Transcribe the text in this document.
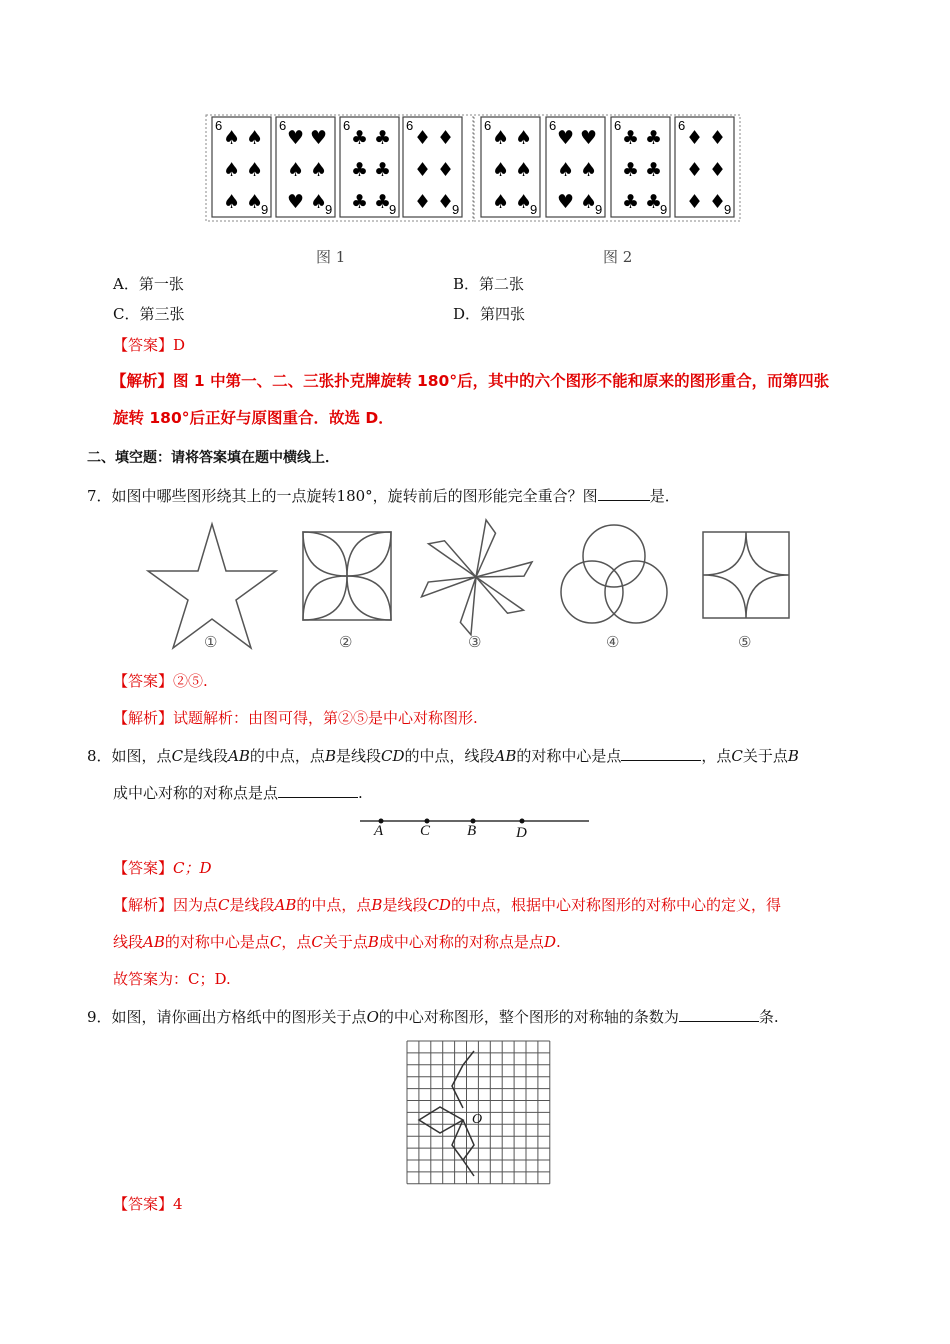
6
9
♠ ♠
♠ ♠
♠ ♠
6
9
♥ ♥
♠ ♠
♥ ♠
6
9
♣ ♣
♣ ♣
♣ ♣
6
9
♦ ♦
♦ ♦
♦ ♦
6
9
♠ ♠
♠ ♠
♠ ♠
6
9
♥ ♥
♠ ♠
♥ ♠
6
9
♣ ♣
♣ ♣
♣ ♣
6
9
♦ ♦
♦ ♦
♦ ♦
图 1	图 2
A．第一张	B．第二张
C．第三张	D．第四张
【答案】D
【解析】图 1 中第一、二、三张扑克牌旋转 180°后，其中的六个图形不能和原来的图形重合，而第四张
旋转 180°后正好与原图重合．故选 D．
二、填空题：请将答案填在题中横线上．
7．如图中哪些图形绕其上的一点旋转180°，旋转前后的图形能完全重合？图	是．
①	②	③	④	⑤
【答案】②⑤.
【解析】试题解析：由图可得，第②⑤是中心对称图形.
8．如图，点C是线段AB的中点，点B是线段CD的中点，线段AB的对称中心是点	，点C关于点B
成中心对称的对称点是点	.
A C B	D
【答案】C；D
【解析】因为点C是线段AB的中点，点B是线段CD的中点，根据中心对称图形的对称中心的定义，得
线段AB的对称中心是点C，点C关于点B成中心对称的对称点是点D.
故答案为：C；D.
9．如图，请你画出方格纸中的图形关于点O的中心对称图形，整个图形的对称轴的条数为	条.
O
【答案】4
